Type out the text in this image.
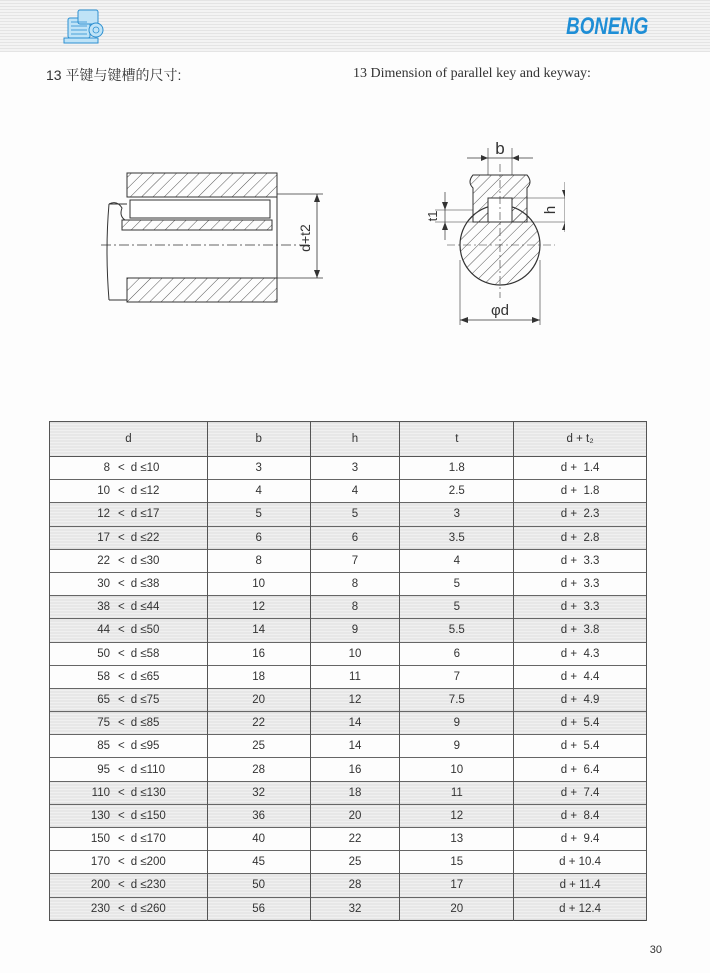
BONENG
13 平键与键槽的尺寸:	13 Dimension of parallel key and keyway:
d+t2
b
h
t1
φd
d	b	h	t	d + t₂
8 < d ≤10	3	3	1.8	d +  1.4
10 < d ≤12	4	4	2.5	d +  1.8
12 < d ≤17	5	5	3	d +  2.3
17 < d ≤22	6	6	3.5	d +  2.8
22 < d ≤30	8	7	4	d +  3.3
30 < d ≤38	10	8	5	d +  3.3
38 < d ≤44	12	8	5	d +  3.3
44 < d ≤50	14	9	5.5	d +  3.8
50 < d ≤58	16	10	6	d +  4.3
58 < d ≤65	18	11	7	d +  4.4
65 < d ≤75	20	12	7.5	d +  4.9
75 < d ≤85	22	14	9	d +  5.4
85 < d ≤95	25	14	9	d +  5.4
95 < d ≤110	28	16	10	d +  6.4
110 < d ≤130	32	18	11	d +  7.4
130 < d ≤150	36	20	12	d +  8.4
150 < d ≤170	40	22	13	d +  9.4
170 < d ≤200	45	25	15	d + 10.4
200 < d ≤230	50	28	17	d + 11.4
230 < d ≤260	56	32	20	d + 12.4
30
